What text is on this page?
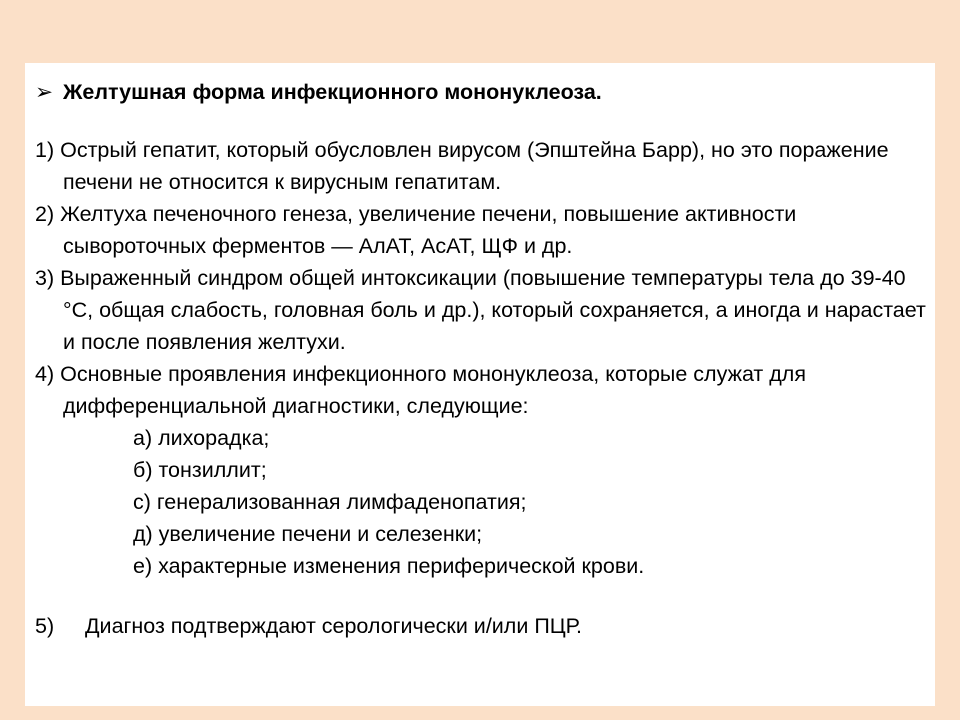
➢ Желтушная форма инфекционного мононуклеоза.
1) Острый гепатит, который обусловлен вирусом (Эпштейна Барр), но это поражение печени не относится к вирусным гепатитам.
2) Желтуха печеночного генеза, увеличение печени, повышение активности сывороточных ферментов — АлАТ, АсАТ, ЩФ и др.
3) Выраженный синдром общей интоксикации (повышение температуры тела до 39-40 °С, общая слабость, головная боль и др.), который сохраняется, а иногда и нарастает и после появления желтухи.
4) Основные проявления инфекционного мононуклеоза, которые служат для дифференциальной диагностики, следующие:
а) лихорадка;
б) тонзиллит;
с) генерализованная лимфаденопатия;
д) увеличение печени и селезенки;
е) характерные изменения периферической крови.
5)	Диагноз подтверждают серологически и/или ПЦР.
